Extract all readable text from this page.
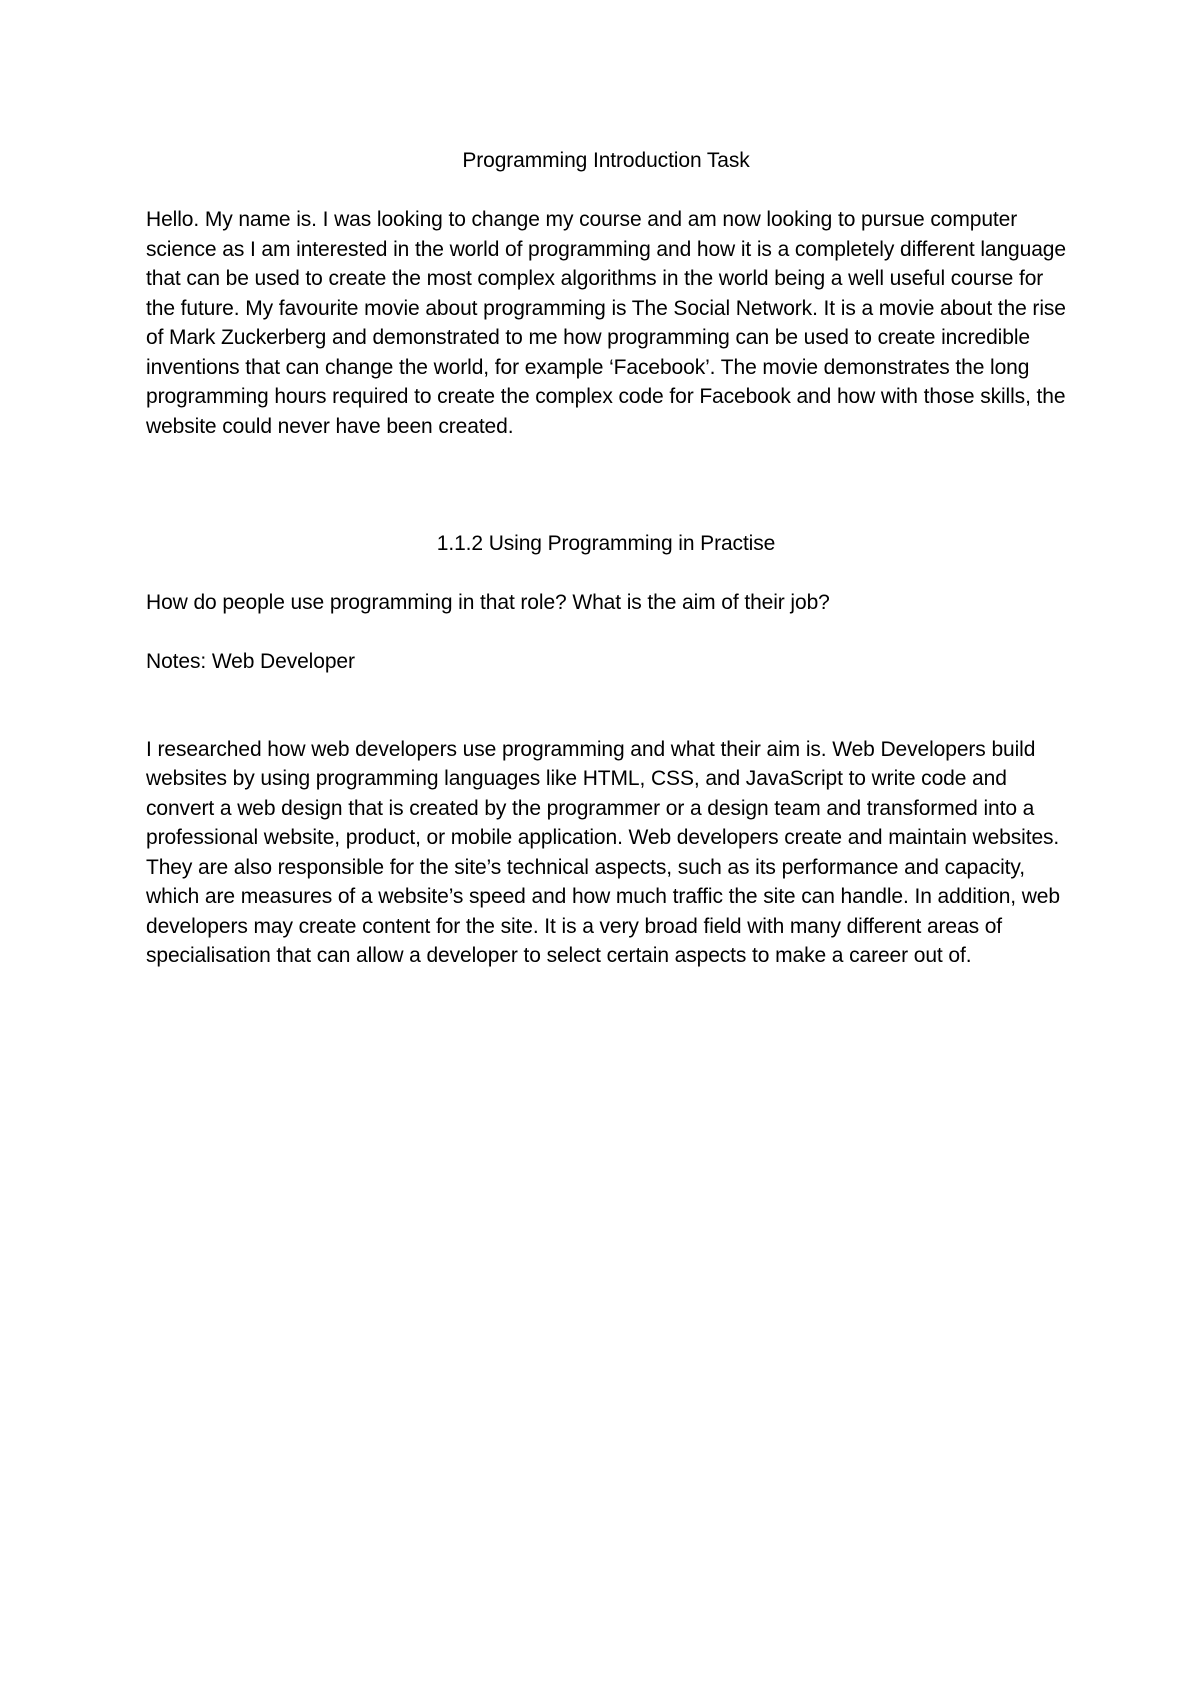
Programming Introduction Task

Hello. My name is. I was looking to change my course and am now looking to pursue computer science as I am interested in the world of programming and how it is a completely different language that can be used to create the most complex algorithms in the world being a well useful course for the future. My favourite movie about programming is The Social Network. It is a movie about the rise of Mark Zuckerberg and demonstrated to me how programming can be used to create incredible inventions that can change the world, for example ‘Facebook’. The movie demonstrates the long programming hours required to create the complex code for Facebook and how with those skills, the website could never have been created.

1.1.2 Using Programming in Practise

How do people use programming in that role? What is the aim of their job?

Notes: Web Developer

I researched how web developers use programming and what their aim is. Web Developers build websites by using programming languages like HTML, CSS, and JavaScript to write code and convert a web design that is created by the programmer or a design team and transformed into a professional website, product, or mobile application. Web developers create and maintain websites. They are also responsible for the site’s technical aspects, such as its performance and capacity, which are measures of a website’s speed and how much traffic the site can handle. In addition, web developers may create content for the site. It is a very broad field with many different areas of specialisation that can allow a developer to select certain aspects to make a career out of.
